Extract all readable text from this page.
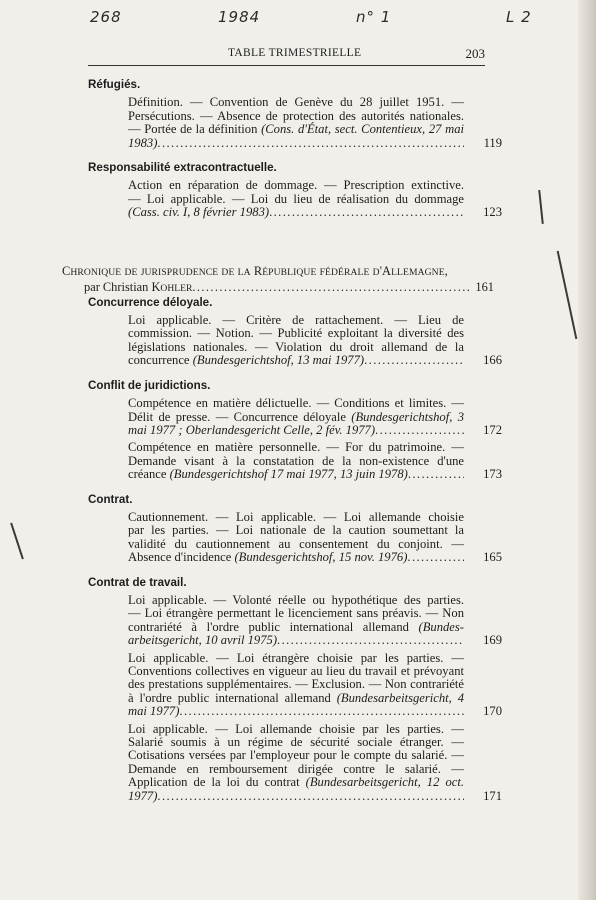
268	1984	n° 1	L 2
TABLE TRIMESTRIELLE	203
Réfugiés.
Définition. — Convention de Genève du 28 juillet 1951. —
Persécutions. — Absence de protection des autorités nationales.
— Portée de la définition (Cons. d'État, sect. Contentieux, 27 mai
1983) .....	119
Responsabilité extracontractuelle.
Action en réparation de dommage. — Prescription extinctive.
— Loi applicable. — Loi du lieu de réalisation du dommage
(Cass. civ. I, 8 février 1983) .....	123
CHRONIQUE DE JURISPRUDENCE DE LA RÉPUBLIQUE FÉDÉRALE D'ALLEMAGNE,
par Christian KOHLER .....	161
Concurrence déloyale.
Loi applicable. — Critère de rattachement. — Lieu de
commission. — Notion. — Publicité exploitant la diversité des
législations nationales. — Violation du droit allemand de la
concurrence (Bundesgerichtshof, 13 mai 1977) .....	166
Conflit de juridictions.
Compétence en matière délictuelle. — Conditions et limites. —
Délit de presse. — Concurrence déloyale (Bundesgerichtshof, 3
mai 1977 ; Oberlandesgericht Celle, 2 fév. 1977) .....	172
Compétence en matière personnelle. — For du patrimoine. —
Demande visant à la constatation de la non-existence d'une
créance (Bundesgerichtshof 17 mai 1977, 13 juin 1978) .....	173
Contrat.
Cautionnement. — Loi applicable. — Loi allemande choisie
par les parties. — Loi nationale de la caution soumettant la
validité du cautionnement au consentement du conjoint. —
Absence d'incidence (Bundesgerichtshof, 15 nov. 1976) .....	165
Contrat de travail.
Loi applicable. — Volonté réelle ou hypothétique des parties.
— Loi étrangère permettant le licenciement sans préavis. — Non
contrariété à l'ordre public international allemand (Bundes-
arbeitsgericht, 10 avril 1975) .....	169
Loi applicable. — Loi étrangère choisie par les parties. —
Conventions collectives en vigueur au lieu du travail et prévoyant
des prestations supplémentaires. — Exclusion. — Non contrariété
à l'ordre public international allemand (Bundesarbeitsgericht, 4
mai 1977) .....	170
Loi applicable. — Loi allemande choisie par les parties. —
Salarié soumis à un régime de sécurité sociale étranger. —
Cotisations versées par l'employeur pour le compte du salarié. —
Demande en remboursement dirigée contre le salarié. —
Application de la loi du contrat (Bundesarbeitsgericht, 12 oct.
1977) .....	171
